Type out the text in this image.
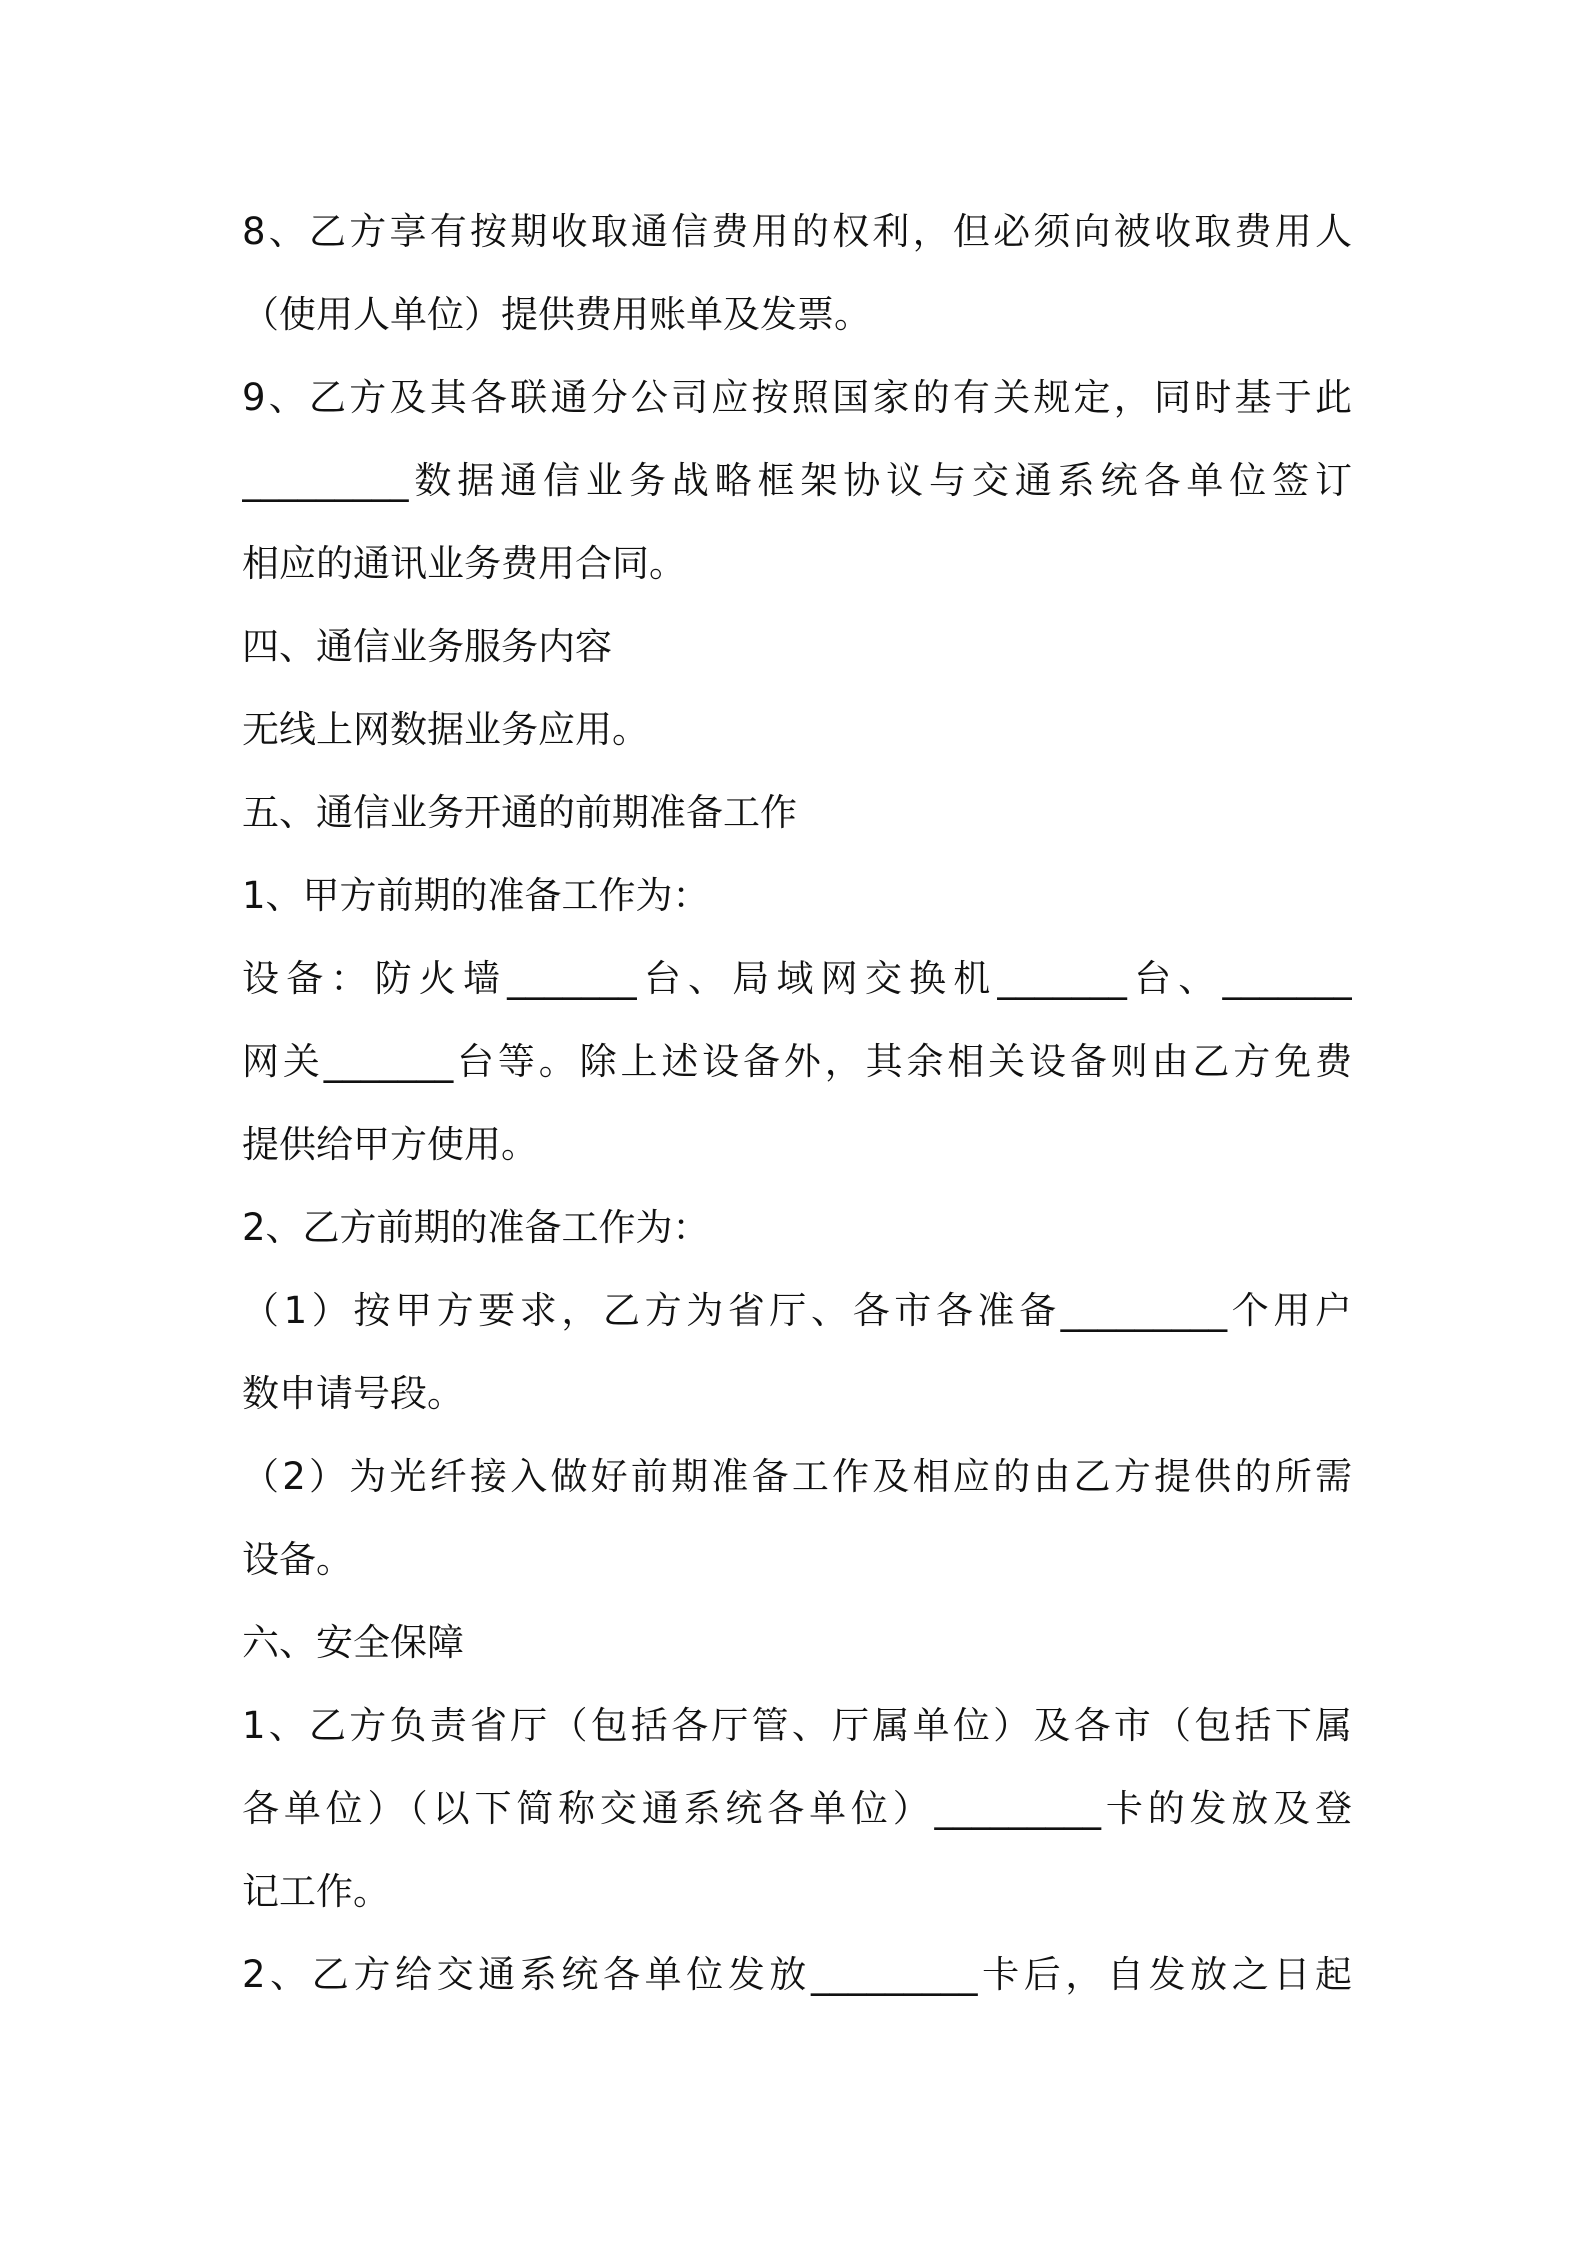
8、乙方享有按期收取通信费用的权利，但必须向被收取费用人
（使用人单位）提供费用账单及发票。
9、乙方及其各联通分公司应按照国家的有关规定，同时基于此
_________数据通信业务战略框架协议与交通系统各单位签订
相应的通讯业务费用合同。
四、通信业务服务内容
无线上网数据业务应用。
五、通信业务开通的前期准备工作
1、甲方前期的准备工作为：
设备：防火墙_______台、局域网交换机_______台、_______
网关_______台等。除上述设备外，其余相关设备则由乙方免费
提供给甲方使用。
2、乙方前期的准备工作为：
（1）按甲方要求，乙方为省厅、各市各准备_________个用户
数申请号段。
（2）为光纤接入做好前期准备工作及相应的由乙方提供的所需
设备。
六、安全保障
1、乙方负责省厅（包括各厅管、厅属单位）及各市（包括下属
各单位）（以下简称交通系统各单位）_________卡的发放及登
记工作。
2、乙方给交通系统各单位发放_________卡后，自发放之日起
